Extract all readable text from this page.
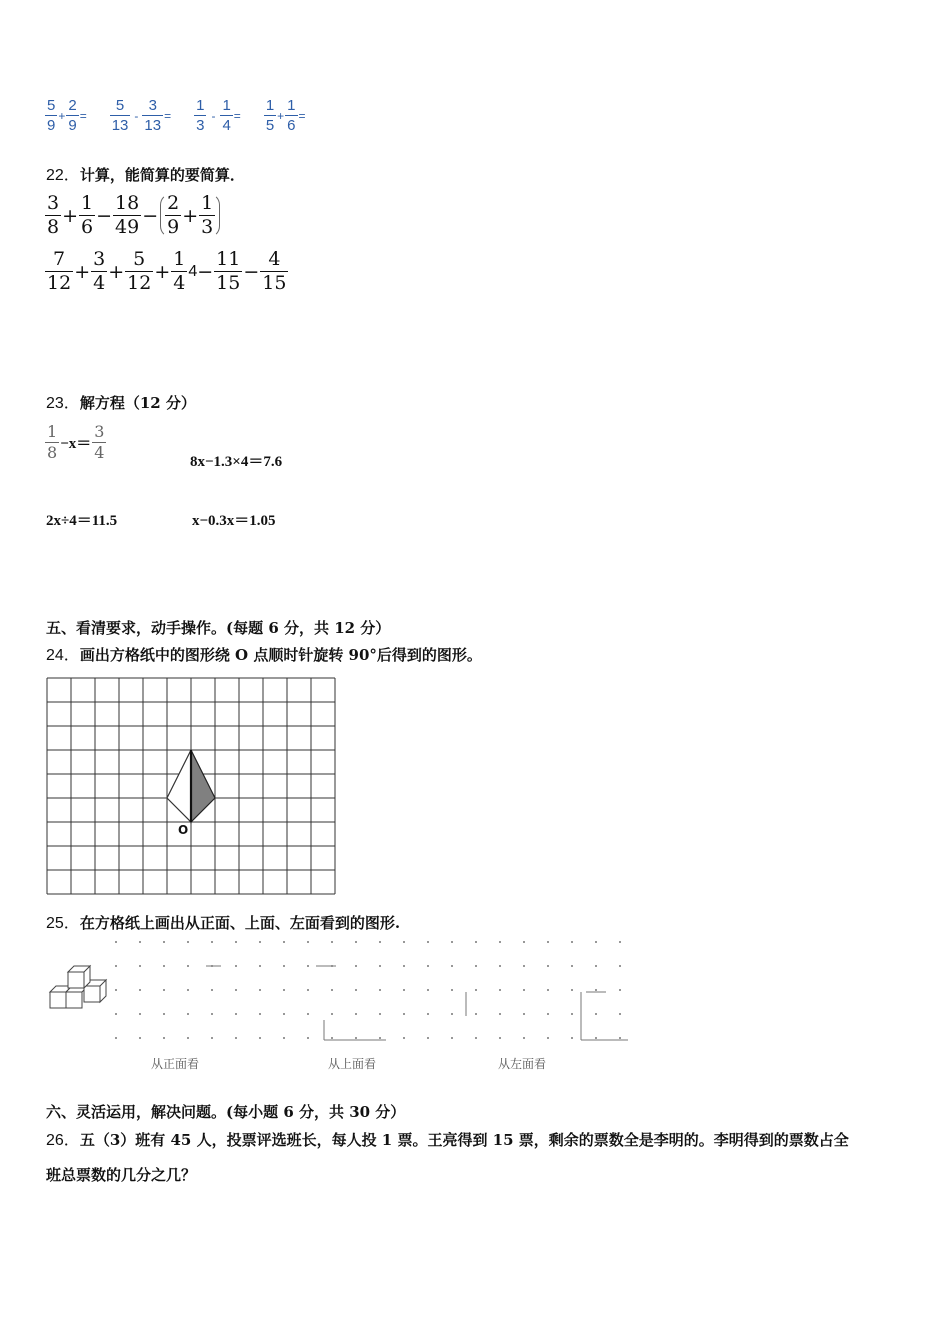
$\frac{5}{9} + \frac{2}{9} = \frac{5}{13} - \frac{3}{13} = \frac{1}{3} - \frac{1}{4} = \frac{1}{5} + \frac{1}{6}$ =
22．计算，能简算的要简算．
$\frac{3}{8} + \frac{1}{6} - \frac{18}{49} - \frac{2}{9} + \frac{1}{3}$
$\frac{7}{12} + \frac{3}{4} + \frac{5}{12} + \frac{1}{4} 4 - \frac{11}{15} - \frac{4}{15}$
23．解方程（12 分）
$\frac{1}{8} -x= \frac{3}{4}$
8x−1.3×4＝7.6
2x÷4＝11.5	x−0.3x＝1.05
五、看清要求，动手操作。(每题 6 分，共 12 分）
24．画出方格纸中的图形绕 O 点顺时针旋转 90°后得到的图形。
O
25．在方格纸上画出从正面、上面、左面看到的图形.
从正面看	从上面看	从左面看
六、灵活运用，解决问题。(每小题 6 分，共 30 分）
26．五（3）班有 45 人，投票评选班长，每人投 1 票。王亮得到 15 票，剩余的票数全是李明的。李明得到的票数占全
班总票数的几分之几？
